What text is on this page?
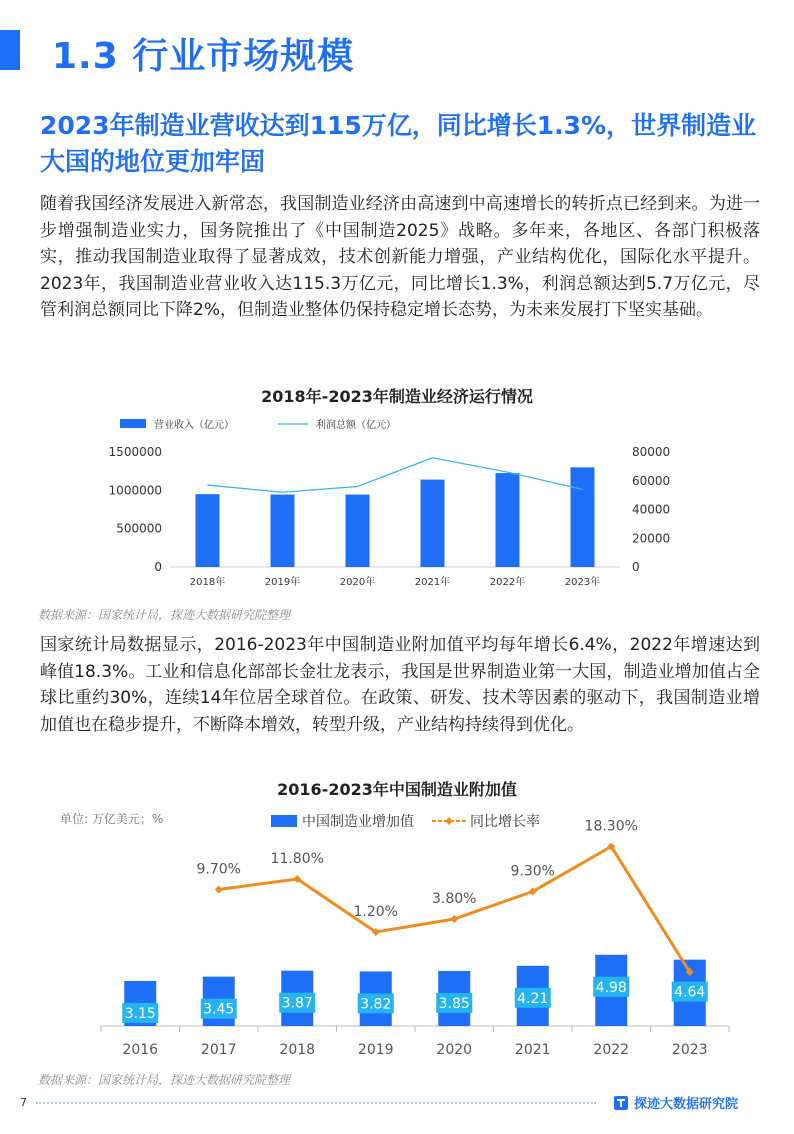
1.3 行业市场规模
2023年制造业营收达到115万亿，同比增长1.3%，世界制造业大国的地位更加牢固

随着我国经济发展进入新常态，我国制造业经济由高速到中高速增长的转折点已经到来。为进一步增强制造业实力，国务院推出了《中国制造2025》战略。多年来，各地区、各部门积极落实，推动我国制造业取得了显著成效，技术创新能力增强，产业结构优化，国际化水平提升。2023年，我国制造业营业收入达115.3万亿元，同比增长1.3%，利润总额达到5.7万亿元，尽管利润总额同比下降2%，但制造业整体仍保持稳定增长态势，为未来发展打下坚实基础。

2018年-2023年制造业经济运行情况
营业收入（亿元）	利润总额（亿元）
0
500000
1000000
1500000
0
20000
40000
60000
80000
2018年	2019年	2020年	2021年	2022年	2023年
数据来源：国家统计局，探迹大数据研究院整理

国家统计局数据显示，2016-2023年中国制造业附加值平均每年增长6.4%，2022年增速达到峰值18.3%。工业和信息化部部长金壮龙表示，我国是世界制造业第一大国，制造业增加值占全球比重约30%，连续14年位居全球首位。在政策、研发、技术等因素的驱动下，我国制造业增加值也在稳步提升，不断降本增效，转型升级，产业结构持续得到优化。

2016-2023年中国制造业附加值
单位: 万亿美元；%	中国制造业增加值	同比增长率
3.15
2016
3.45
2017
3.87
2018
3.82
2019
3.85
2020
4.21
2021
4.98
2022
4.64
2023
9.70%
11.80%
1.20%
3.80%
9.30%
18.30%
数据来源：国家统计局，探迹大数据研究院整理
7	探迹大数据研究院
